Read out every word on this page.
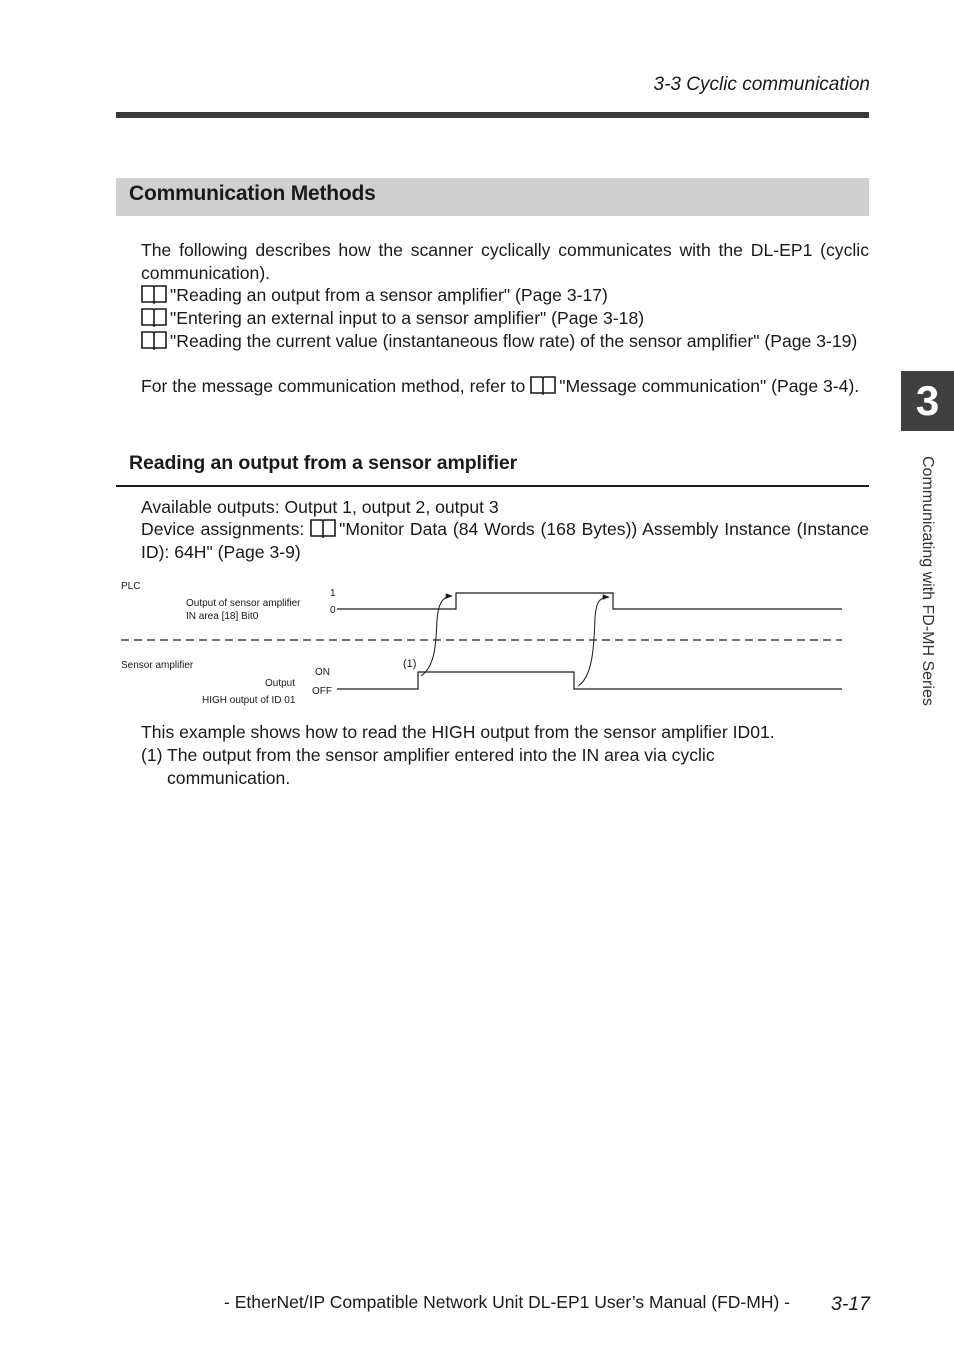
3-3 Cyclic communication
3
Communicating with FD-MH Series
Communication Methods
The following describes how the scanner cyclically communicates with the DL-EP1 (cyclic communication).
"Reading an output from a sensor amplifier" (Page 3-17)
"Entering an external input to a sensor amplifier" (Page 3-18)
"Reading the current value (instantaneous flow rate) of the sensor amplifier" (Page 3-19)
For the message communication method, refer to "Message communication" (Page 3-4).
Reading an output from a sensor amplifier
Available outputs: Output 1, output 2, output 3
Device assignments: "Monitor Data (84 Words (168 Bytes)) Assembly Instance (Instance ID): 64H" (Page 3-9)
PLC
Output of sensor amplifier
IN area [18] Bit0
1
0
Sensor amplifier
Output
HIGH output of ID 01
ON
OFF
(1)
This example shows how to read the HIGH output from the sensor amplifier ID01.
(1) The output from the sensor amplifier entered into the IN area via cyclic
communication.
- EtherNet/IP Compatible Network Unit DL-EP1 User’s Manual (FD-MH) -	3-17
